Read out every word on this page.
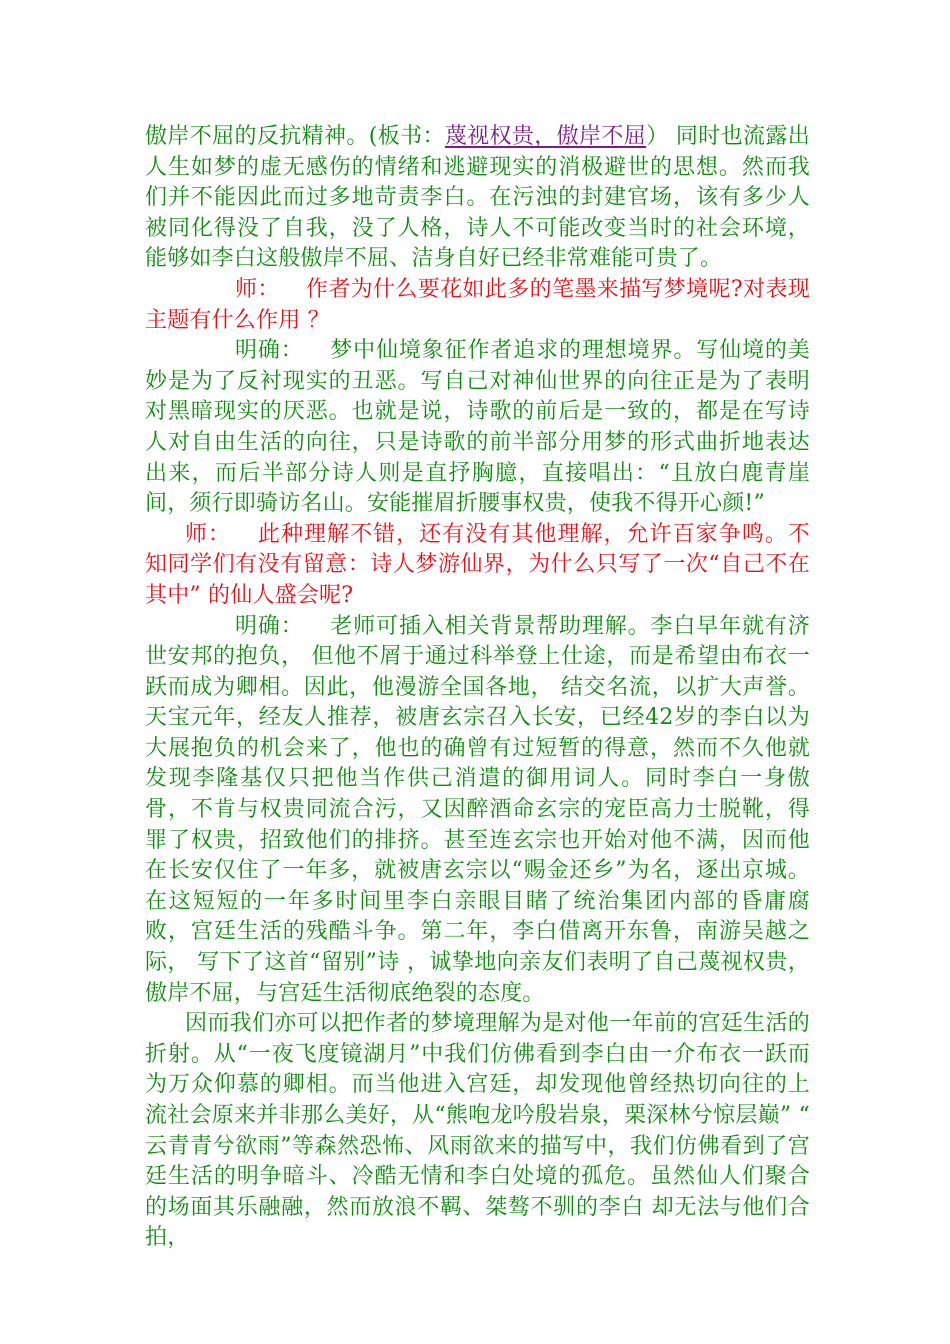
傲岸不屈的反抗精神。(板书：蔑视权贵，傲岸不屈） 同时也流露出人生如梦的虚无感伤的情绪和逃避现实的消极避世的思想。然而我们并不能因此而过多地苛责李白。在污浊的封建官场，该有多少人被同化得没了自我，没了人格，诗人不可能改变当时的社会环境，能够如李白这般傲岸不屈、洁身自好已经非常难能可贵了。

师： 作者为什么要花如此多的笔墨来描写梦境呢?对表现主题有什么作用 ？

明确： 梦中仙境象征作者追求的理想境界。写仙境的美妙是为了反衬现实的丑恶。写自己对神仙世界的向往正是为了表明对黑暗现实的厌恶。也就是说，诗歌的前后是一致的，都是在写诗人对自由生活的向往，只是诗歌的前半部分用梦的形式曲折地表达出来，而后半部分诗人则是直抒胸臆，直接唱出：“且放白鹿青崖间，须行即骑访名山。安能摧眉折腰事权贵，使我不得开心颜!”

师： 此种理解不错，还有没有其他理解，允许百家争鸣。不知同学们有没有留意：诗人梦游仙界，为什么只写了一次“自己不在其中” 的仙人盛会呢?

明确： 老师可插入相关背景帮助理解。李白早年就有济世安邦的抱负， 但他不屑于通过科举登上仕途，而是希望由布衣一跃而成为卿相。因此，他漫游全国各地， 结交名流，以扩大声誉。天宝元年，经友人推荐，被唐玄宗召入长安，已经42岁的李白以为大展抱负的机会来了，他也的确曾有过短暂的得意，然而不久他就发现李隆基仅只把他当作供己消遣的御用词人。同时李白一身傲骨，不肯与权贵同流合污，又因醉酒命玄宗的宠臣高力士脱靴，得罪了权贵，招致他们的排挤。甚至连玄宗也开始对他不满，因而他在长安仅住了一年多，就被唐玄宗以“赐金还乡”为名，逐出京城。在这短短的一年多时间里李白亲眼目睹了统治集团内部的昏庸腐败，宫廷生活的残酷斗争。第二年，李白借离开东鲁，南游吴越之际， 写下了这首“留别”诗 ，诚挚地向亲友们表明了自己蔑视权贵，傲岸不屈，与宫廷生活彻底绝裂的态度。

因而我们亦可以把作者的梦境理解为是对他一年前的宫廷生活的折射。从“一夜飞度镜湖月”中我们仿佛看到李白由一介布衣一跃而为万众仰慕的卿相。而当他进入宫廷，却发现他曾经热切向往的上流社会原来并非那么美好，从“熊咆龙吟殷岩泉，栗深林兮惊层巅” “ 云青青兮欲雨”等森然恐怖、风雨欲来的描写中，我们仿佛看到了宫廷生活的明争暗斗、冷酷无情和李白处境的孤危。虽然仙人们聚合的场面其乐融融，然而放浪不羁、桀骜不驯的李白 却无法与他们合拍，
